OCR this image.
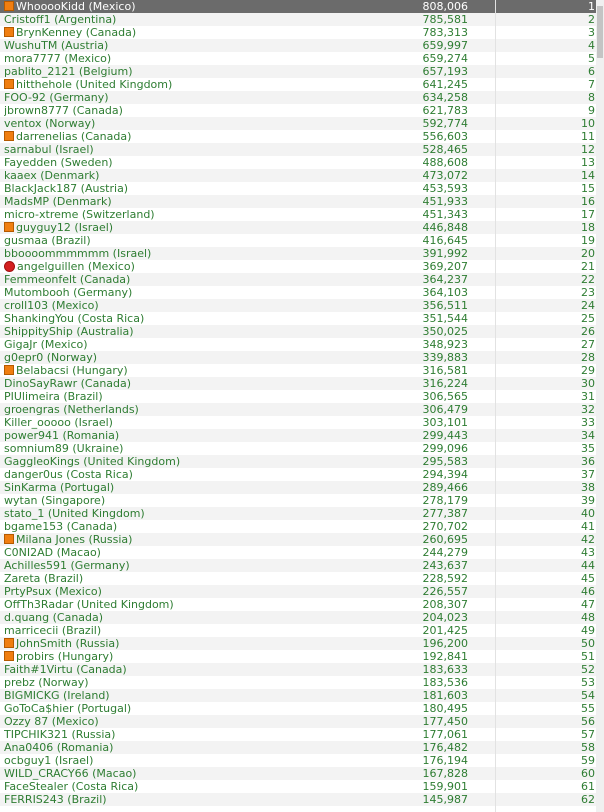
WhooooKidd (Mexico)	808,006	1
Cristoff1 (Argentina)	785,581	2
BrynKenney (Canada)	783,313	3
WushuTM (Austria)	659,997	4
mora7777 (Mexico)	659,274	5
pablito_2121 (Belgium)	657,193	6
hitthehole (United Kingdom)	641,245	7
FOO-92 (Germany)	634,258	8
jbrown8777 (Canada)	621,783	9
ventox (Norway)	592,774	10
darrenelias (Canada)	556,603	11
sarnabul (Israel)	528,465	12
Fayedden (Sweden)	488,608	13
kaaex (Denmark)	473,072	14
BlackJack187 (Austria)	453,593	15
MadsMP (Denmark)	451,933	16
micro-xtreme (Switzerland)	451,343	17
guyguy12 (Israel)	446,848	18
gusmaa (Brazil)	416,645	19
bboooommmmmm (Israel)	391,992	20
angelguillen (Mexico)	369,207	21
Femmeonfelt (Canada)	364,237	22
Mutombooh (Germany)	364,103	23
croll103 (Mexico)	356,511	24
ShankingYou (Costa Rica)	351,544	25
ShippityShip (Australia)	350,025	26
GigaJr (Mexico)	348,923	27
g0epr0 (Norway)	339,883	28
Belabacsi (Hungary)	316,581	29
DinoSayRawr (Canada)	316,224	30
PIUlimeira (Brazil)	306,565	31
groengras (Netherlands)	306,479	32
Killer_ooooo (Israel)	303,101	33
power941 (Romania)	299,443	34
somnium89 (Ukraine)	299,096	35
GaggleoKings (United Kingdom)	295,583	36
danger0us (Costa Rica)	294,394	37
SinKarma (Portugal)	289,466	38
wytan (Singapore)	278,179	39
stato_1 (United Kingdom)	277,387	40
bgame153 (Canada)	270,702	41
Milana Jones (Russia)	260,695	42
C0NI2AD (Macao)	244,279	43
Achilles591 (Germany)	243,637	44
Zareta (Brazil)	228,592	45
PrtyPsux (Mexico)	226,557	46
OffTh3Radar (United Kingdom)	208,307	47
d.quang (Canada)	204,023	48
marricecii (Brazil)	201,425	49
JohnSmith (Russia)	196,200	50
probirs (Hungary)	192,841	51
Faith#1Virtu (Canada)	183,633	52
prebz (Norway)	183,536	53
BIGMICKG (Ireland)	181,603	54
GoToCa$hier (Portugal)	180,495	55
Ozzy 87 (Mexico)	177,450	56
TIPCHIK321 (Russia)	177,061	57
Ana0406 (Romania)	176,482	58
ocbguy1 (Israel)	176,194	59
WILD_CRACY66 (Macao)	167,828	60
FaceStealer (Costa Rica)	159,901	61
FERRIS243 (Brazil)	145,987	62
